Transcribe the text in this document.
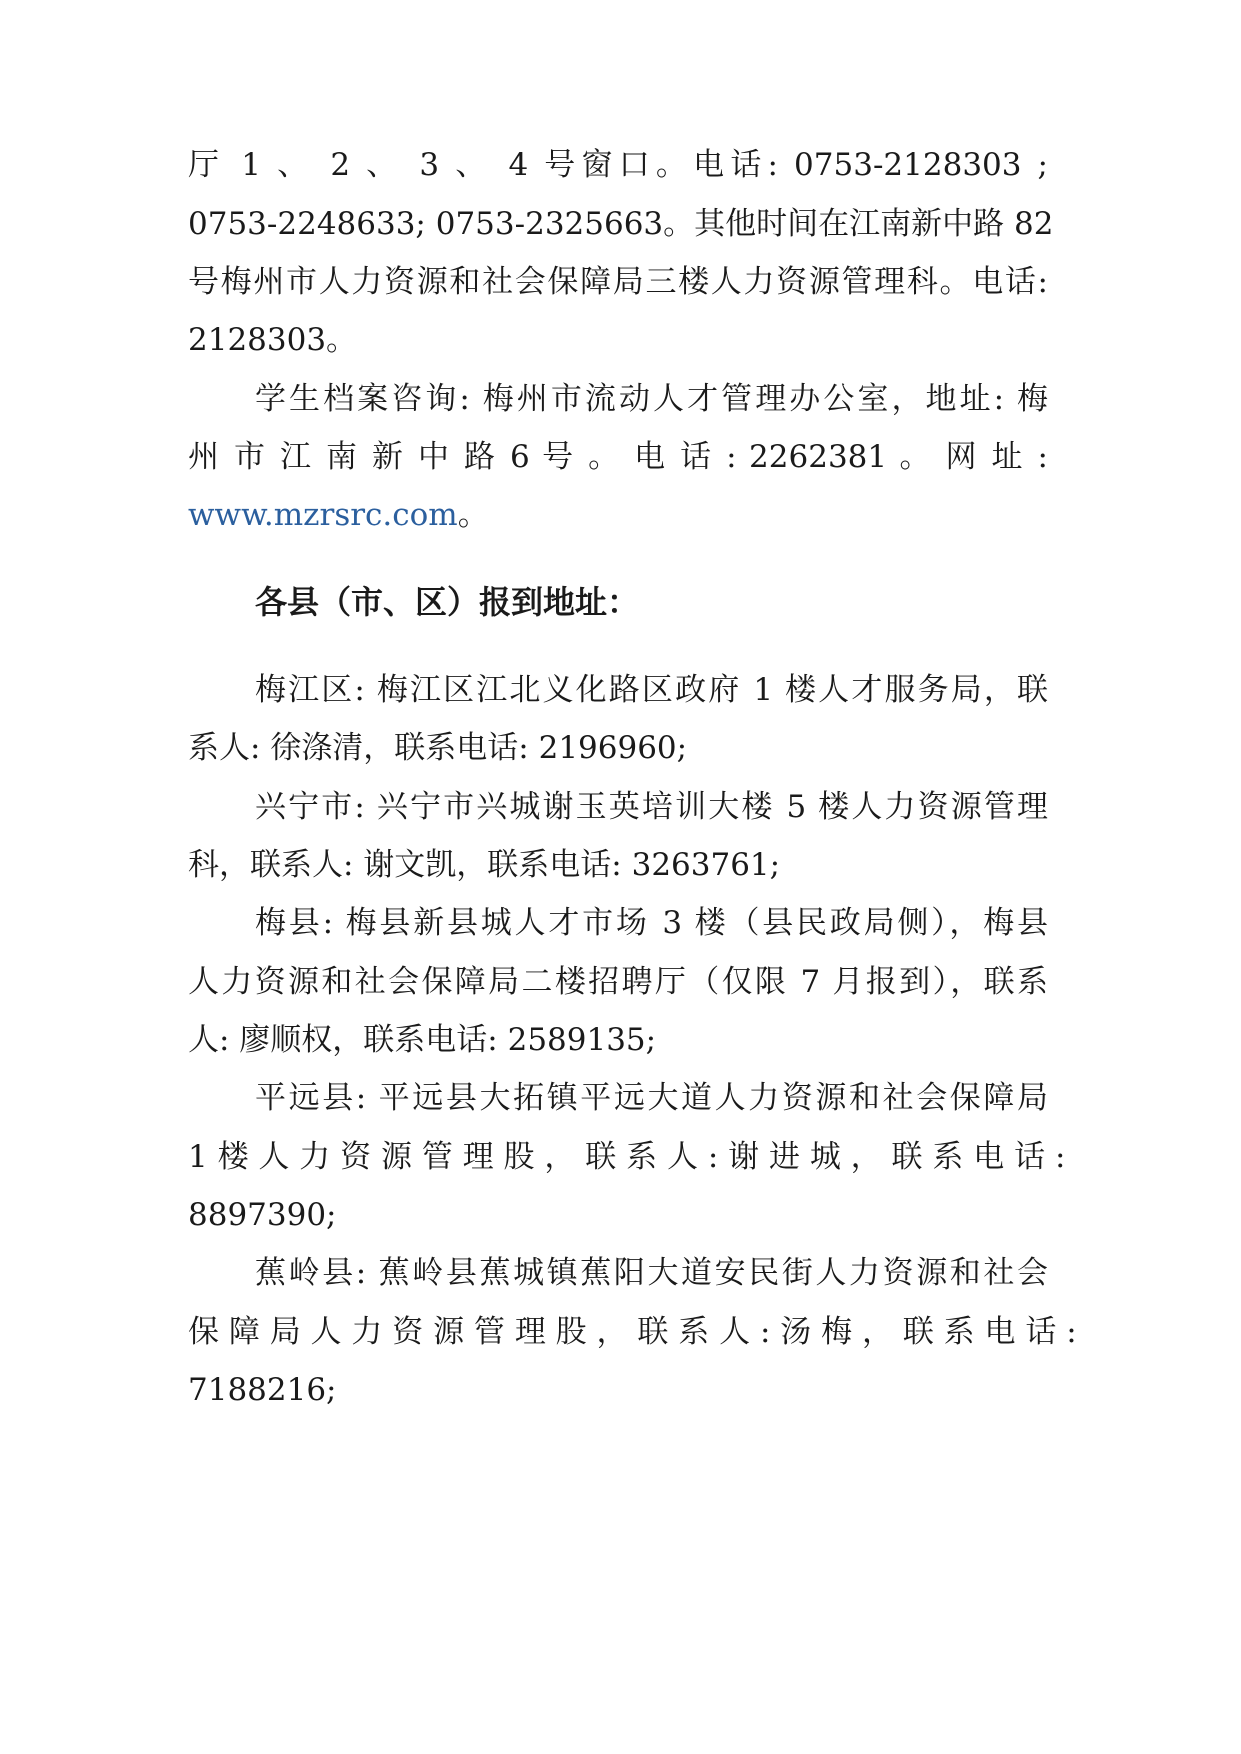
厅 1 、 2 、 3 、 4 号窗口。电话: 0753-2128303 ;
0753-2248633; 0753-2325663。其他时间在江南新中路 82
号梅州市人力资源和社会保障局三楼人力资源管理科。电话:
2128303。
学生档案咨询: 梅州市流动人才管理办公室，地址: 梅
州 市 江 南 新 中 路 6 号 。 电 话 : 2262381 。 网 址 :
www.mzrsrc.com。
各县（市、区）报到地址：
梅江区: 梅江区江北义化路区政府 1 楼人才服务局，联
系人: 徐涤清，联系电话: 2196960;
兴宁市: 兴宁市兴城谢玉英培训大楼 5 楼人力资源管理
科，联系人: 谢文凯，联系电话: 3263761;
梅县: 梅县新县城人才市场 3 楼（县民政局侧），梅县
人力资源和社会保障局二楼招聘厅（仅限 7 月报到），联系
人: 廖顺权，联系电话: 2589135;
平远县: 平远县大拓镇平远大道人力资源和社会保障局
1 楼 人 力 资 源 管 理 股 ， 联 系 人 : 谢 进 城 ， 联 系 电 话 :
8897390;
蕉岭县: 蕉岭县蕉城镇蕉阳大道安民街人力资源和社会
保 障 局 人 力 资 源 管 理 股 ， 联 系 人 : 汤 梅 ， 联 系 电 话 :
7188216;
